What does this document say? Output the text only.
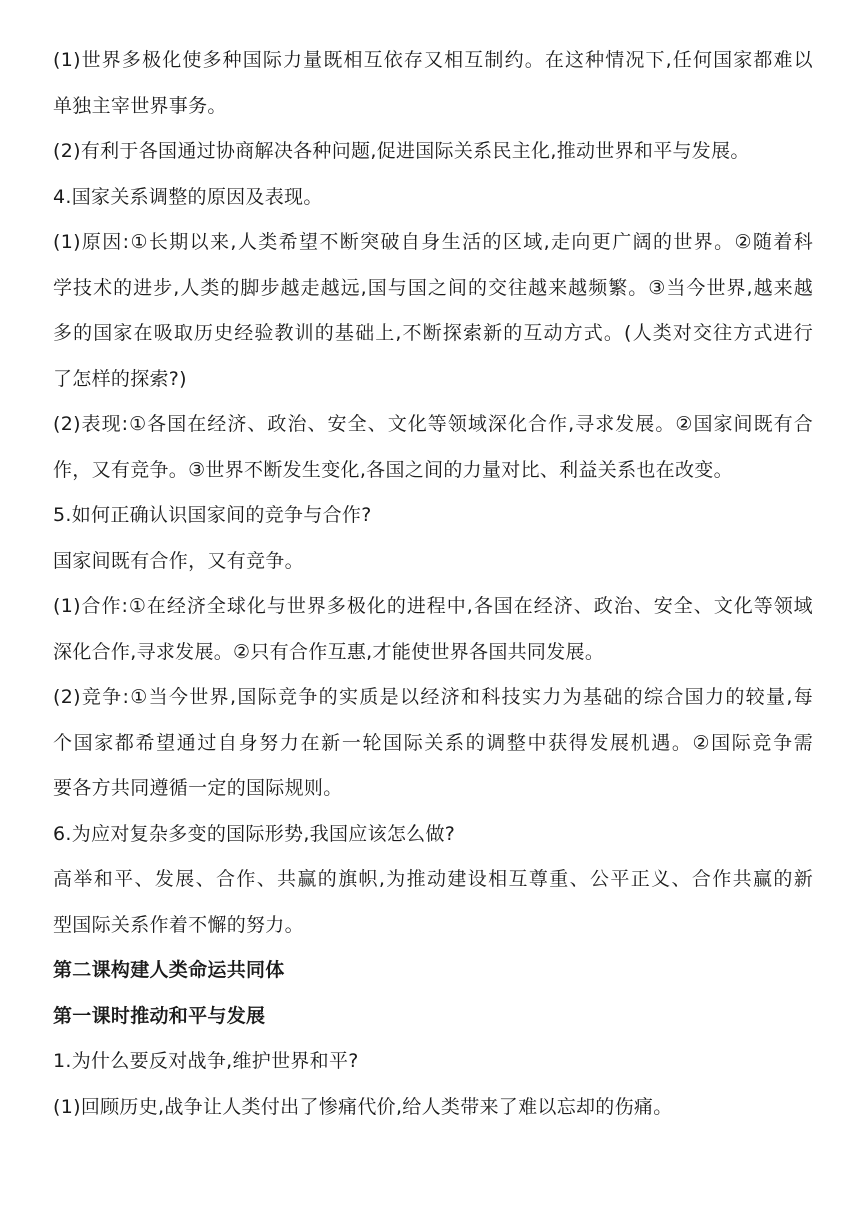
(1)世界多极化使多种国际力量既相互依存又相互制约。在这种情况下,任何国家都难以
单独主宰世界事务。
(2)有利于各国通过协商解决各种问题,促进国际关系民主化,推动世界和平与发展。
4.国家关系调整的原因及表现。
(1)原因:①长期以来,人类希望不断突破自身生活的区域,走向更广阔的世界。②随着科
学技术的进步,人类的脚步越走越远,国与国之间的交往越来越频繁。③当今世界,越来越
多的国家在吸取历史经验教训的基础上,不断探索新的互动方式。(人类对交往方式进行
了怎样的探索?)
(2)表现:①各国在经济、政治、安全、文化等领域深化合作,寻求发展。②国家间既有合
作，又有竞争。③世界不断发生变化,各国之间的力量对比、利益关系也在改变。
5.如何正确认识国家间的竞争与合作?
国家间既有合作，又有竞争。
(1)合作:①在经济全球化与世界多极化的进程中,各国在经济、政治、安全、文化等领域
深化合作,寻求发展。②只有合作互惠,才能使世界各国共同发展。
(2)竞争:①当今世界,国际竞争的实质是以经济和科技实力为基础的综合国力的较量,每
个国家都希望通过自身努力在新一轮国际关系的调整中获得发展机遇。②国际竞争需
要各方共同遵循一定的国际规则。
6.为应对复杂多变的国际形势,我国应该怎么做?
高举和平、发展、合作、共赢的旗帜,为推动建设相互尊重、公平正义、合作共赢的新
型国际关系作着不懈的努力。
第二课构建人类命运共同体
第一课时推动和平与发展
1.为什么要反对战争,维护世界和平?
(1)回顾历史,战争让人类付出了惨痛代价,给人类带来了难以忘却的伤痛。
